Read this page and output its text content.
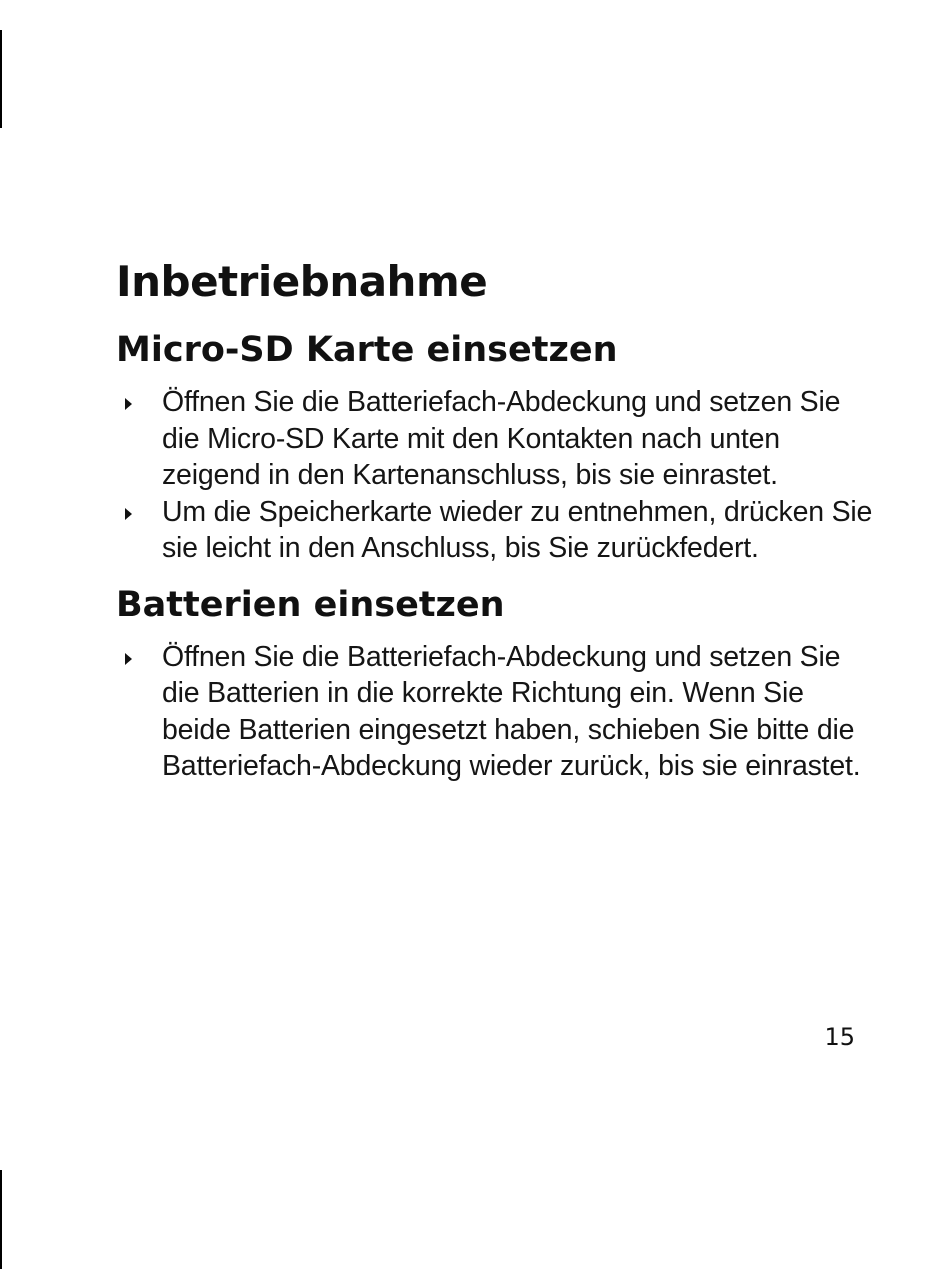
Inbetriebnahme
Micro-SD Karte einsetzen
Öffnen Sie die Batteriefach-Abdeckung und setzen Sie die Micro-SD Karte mit den Kontakten nach unten zeigend in den Kartenanschluss, bis sie einrastet.
Um die Speicherkarte wieder zu entnehmen, drücken Sie sie leicht in den Anschluss, bis Sie zurückfedert.
Batterien einsetzen
Öffnen Sie die Batteriefach-Abdeckung und setzen Sie die Batterien in die korrekte Richtung ein. Wenn Sie beide Batterien eingesetzt haben, schieben Sie bitte die Batteriefach-Abdeckung wieder zurück, bis sie einrastet.
15
